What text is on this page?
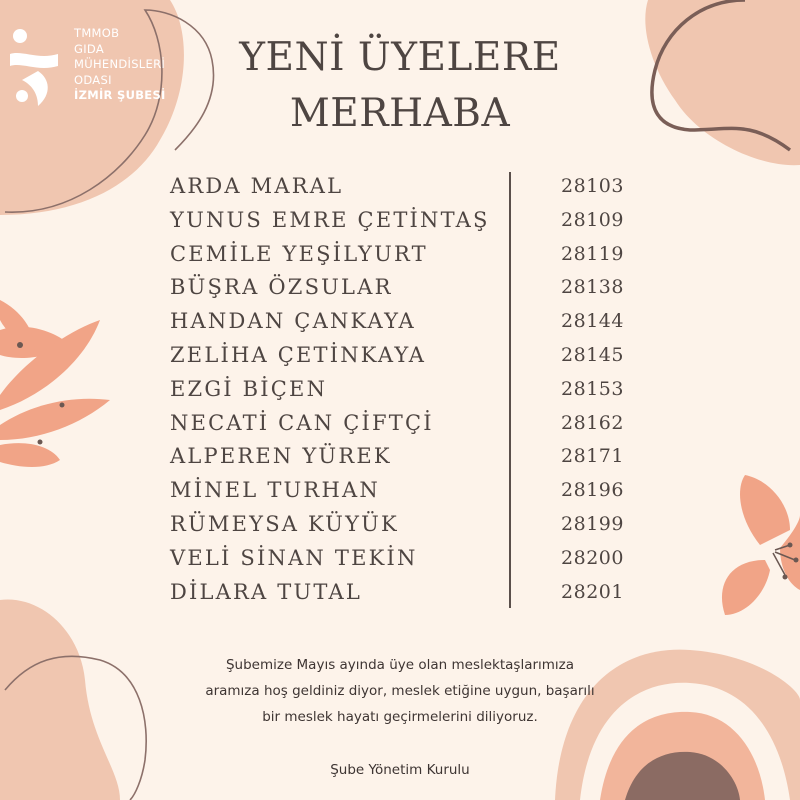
TMMOB
GIDA
MÜHENDİSLERİ
ODASI
İZMİR ŞUBESİ
YENİ ÜYELERE
MERHABA
ARDA MARAL	28103
YUNUS EMRE ÇETİNTAŞ	28109
CEMİLE YEŞİLYURT	28119
BÜŞRA ÖZSULAR	28138
HANDAN ÇANKAYA	28144
ZELİHA ÇETİNKAYA	28145
EZGİ BİÇEN	28153
NECATİ CAN ÇİFTÇİ	28162
ALPEREN YÜREK	28171
MİNEL TURHAN	28196
RÜMEYSA KÜYÜK	28199
VELİ SİNAN TEKİN	28200
DİLARA TUTAL	28201
Şubemize Mayıs ayında üye olan meslektaşlarımıza
aramıza hoş geldiniz diyor, meslek etiğine uygun, başarılı
bir meslek hayatı geçirmelerini diliyoruz.
Şube Yönetim Kurulu
